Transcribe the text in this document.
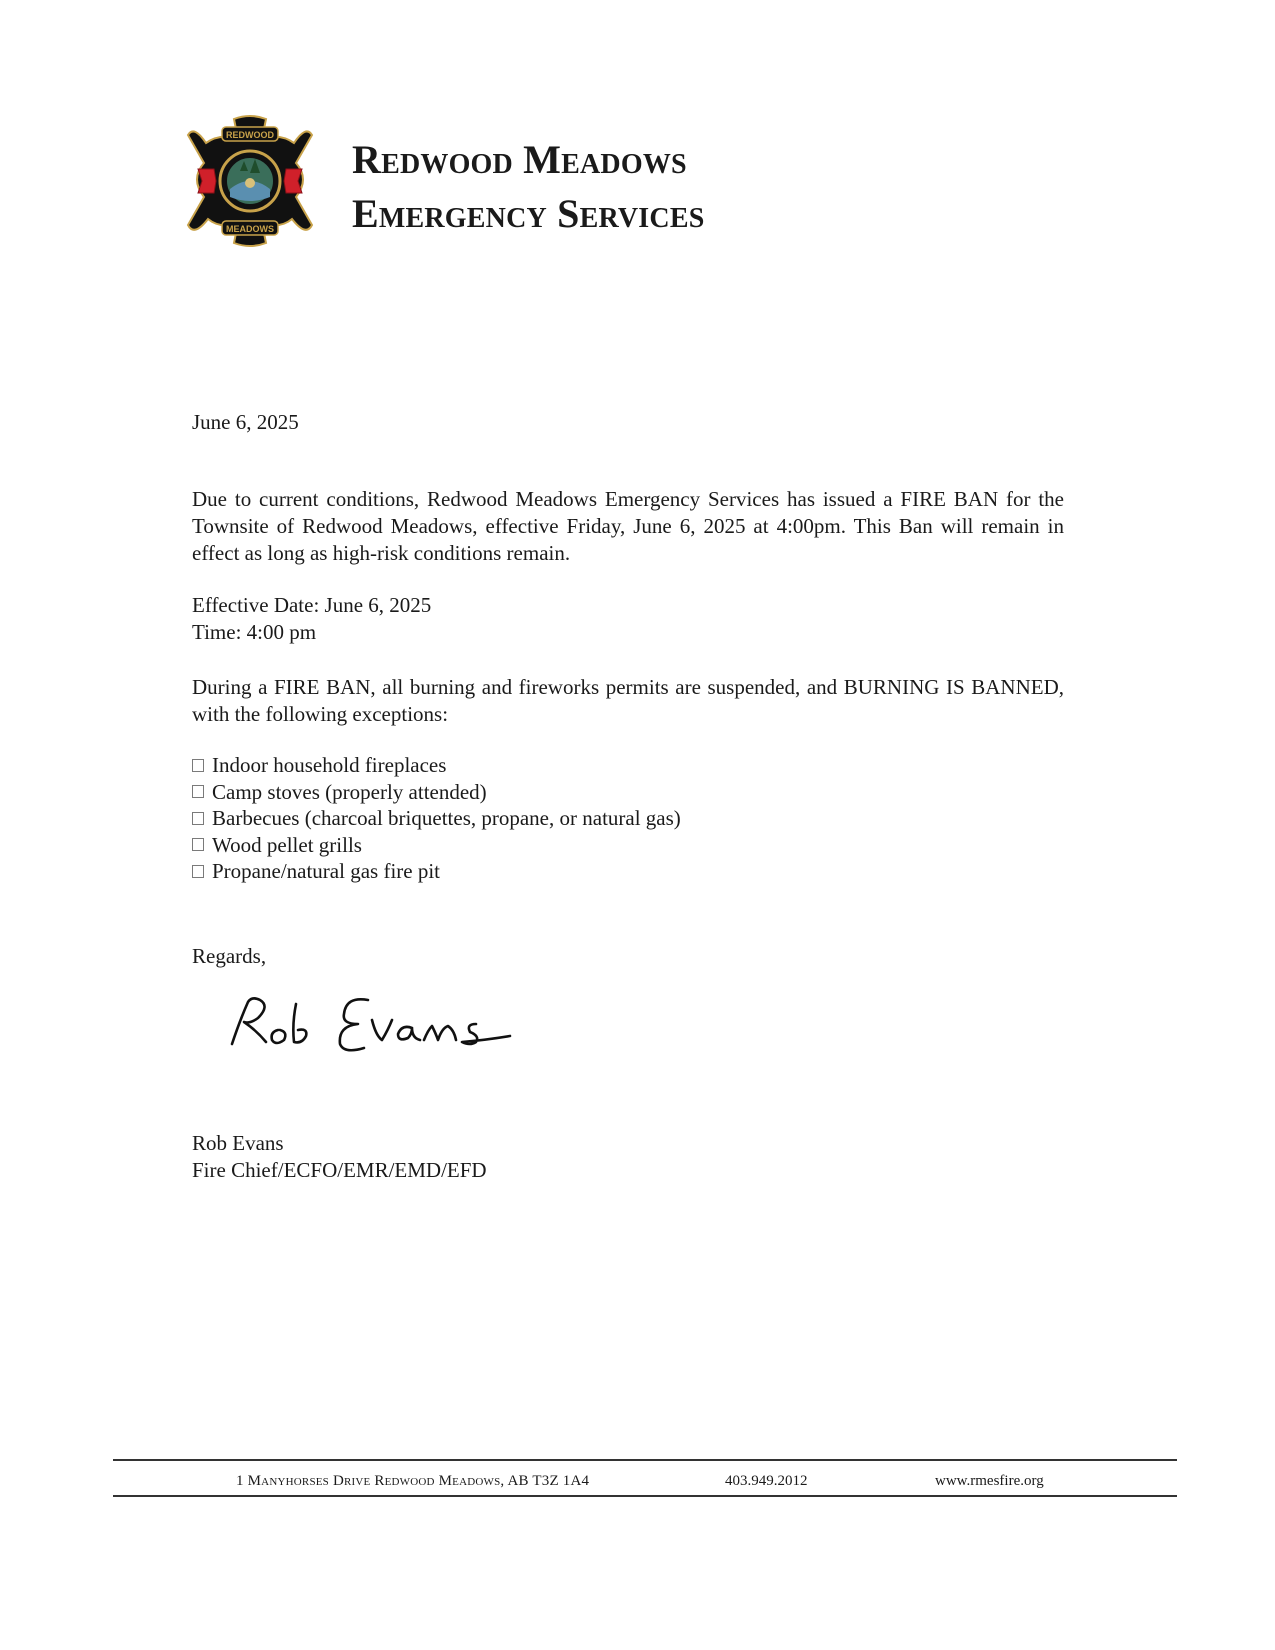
REDWOOD
MEADOWS
Redwood Meadows
Emergency Services
June 6, 2025
Due to current conditions, Redwood Meadows Emergency Services has issued a FIRE BAN for the Townsite of Redwood Meadows, effective Friday, June 6, 2025 at 4:00pm. This Ban will remain in effect as long as high-risk conditions remain.
Effective Date: June 6, 2025
Time: 4:00 pm
During a FIRE BAN, all burning and fireworks permits are suspended, and BURNING IS BANNED, with the following exceptions:
Indoor household fireplaces
Camp stoves (properly attended)
Barbecues (charcoal briquettes, propane, or natural gas)
Wood pellet grills
Propane/natural gas fire pit
Regards,
Rob Evans
Fire Chief/ECFO/EMR/EMD/EFD
1 Manyhorses Drive Redwood Meadows, AB T3Z 1A4	403.949.2012	www.rmesfire.org
